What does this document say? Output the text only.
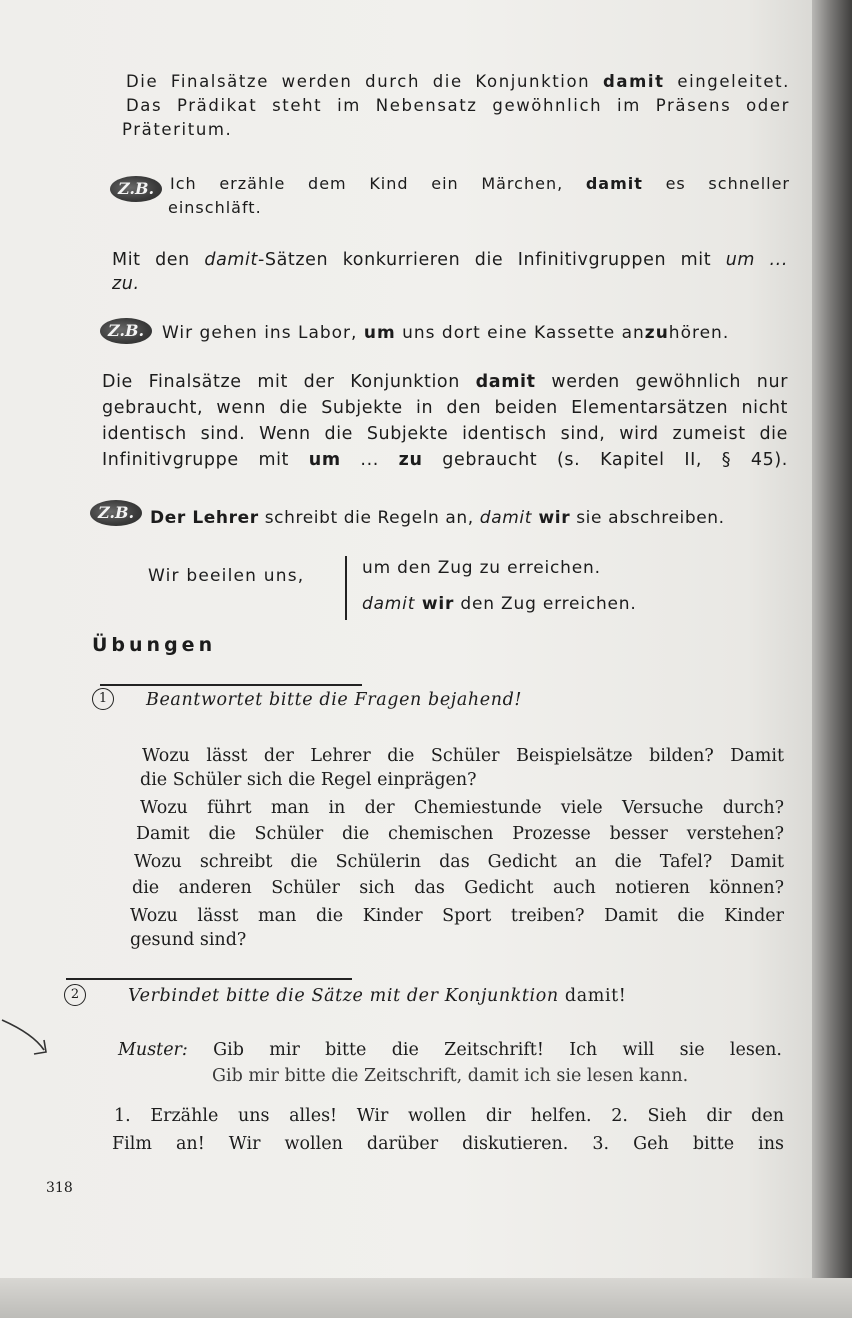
Die Finalsätze werden durch die Konjunktion damit eingeleitet.
Das Prädikat steht im Nebensatz gewöhnlich im Präsens oder
Präteritum.
Z.B. Ich erzähle dem Kind ein Märchen, damit es schneller
einschläft.
Mit den damit-Sätzen konkurrieren die Infinitivgruppen mit um ...
zu.
Z.B.	Wir gehen ins Labor, um uns dort eine Kassette anzuhören.
Die Finalsätze mit der Konjunktion damit werden gewöhnlich nur
gebraucht, wenn die Subjekte in den beiden Elementarsätzen nicht
identisch sind. Wenn die Subjekte identisch sind, wird zumeist die
Infinitivgruppe mit um ... zu gebraucht (s. Kapitel II, § 45).
Z.B. Der Lehrer schreibt die Regeln an, damit wir sie abschreiben.
Wir beeilen uns,	um den Zug zu erreichen.
damit wir den Zug erreichen.
Übungen
1	Beantwortet bitte die Fragen bejahend!
Wozu lässt der Lehrer die Schüler Beispielsätze bilden? Damit
die Schüler sich die Regel einprägen?
Wozu führt man in der Chemiestunde viele Versuche durch?
Damit die Schüler die chemischen Prozesse besser verstehen?
Wozu schreibt die Schülerin das Gedicht an die Tafel? Damit
die anderen Schüler sich das Gedicht auch notieren können?
Wozu lässt man die Kinder Sport treiben? Damit die Kinder
gesund sind?
2	Verbindet bitte die Sätze mit der Konjunktion damit!
Muster: Gib mir bitte die Zeitschrift! Ich will sie lesen.
Gib mir bitte die Zeitschrift, damit ich sie lesen kann.
1. Erzähle uns alles! Wir wollen dir helfen. 2. Sieh dir den
Film an! Wir wollen darüber diskutieren. 3. Geh bitte ins
318
